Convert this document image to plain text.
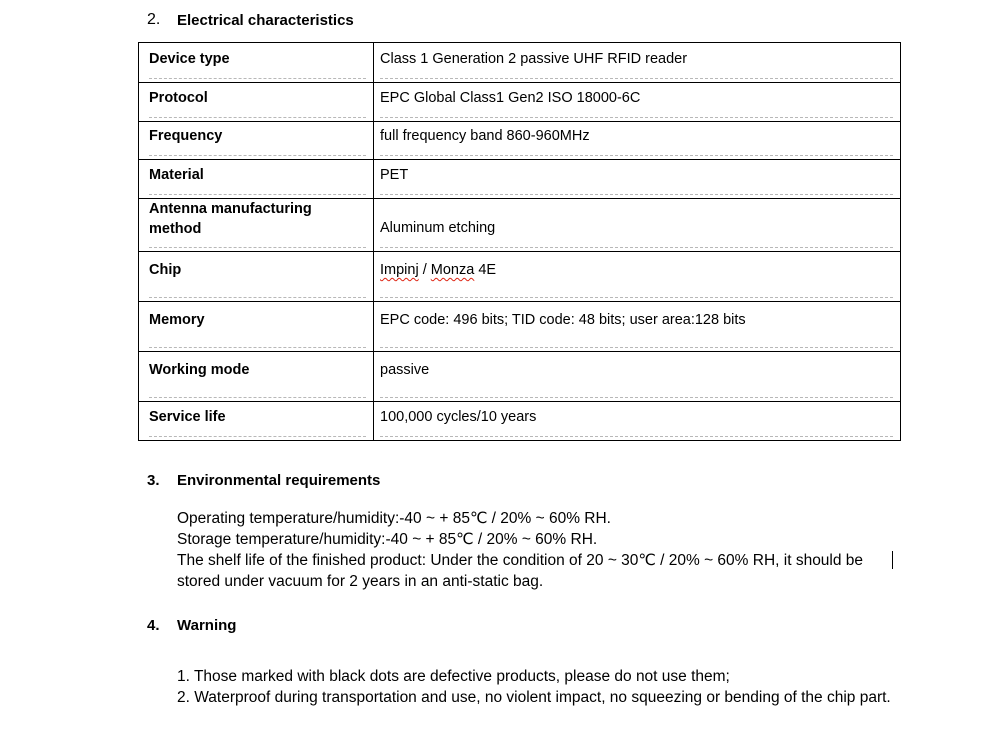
2.	Electrical characteristics
Device type	Class 1 Generation 2 passive UHF RFID reader

Protocol	EPC Global Class1 Gen2 ISO 18000-6C

Frequency	full frequency band 860-960MHz

Material	PET

Antenna manufacturing method	Aluminum etching

Chip	Impinj / Monza 4E

Memory	EPC code: 496 bits; TID code: 48 bits; user area:128 bits

Working mode	passive

Service life	100,000 cycles/10 years
3.	Environmental requirements
Operating temperature/humidity:-40 ~ + 85℃ / 20% ~ 60% RH.
Storage temperature/humidity:-40 ~ + 85℃ / 20% ~ 60% RH.
The shelf life of the finished product: Under the condition of 20 ~ 30℃ / 20% ~ 60% RH, it should be stored under vacuum for 2 years in an anti-static bag.
4.	Warning
1. Those marked with black dots are defective products, please do not use them;
2. Waterproof during transportation and use, no violent impact, no squeezing or bending of the chip part.
